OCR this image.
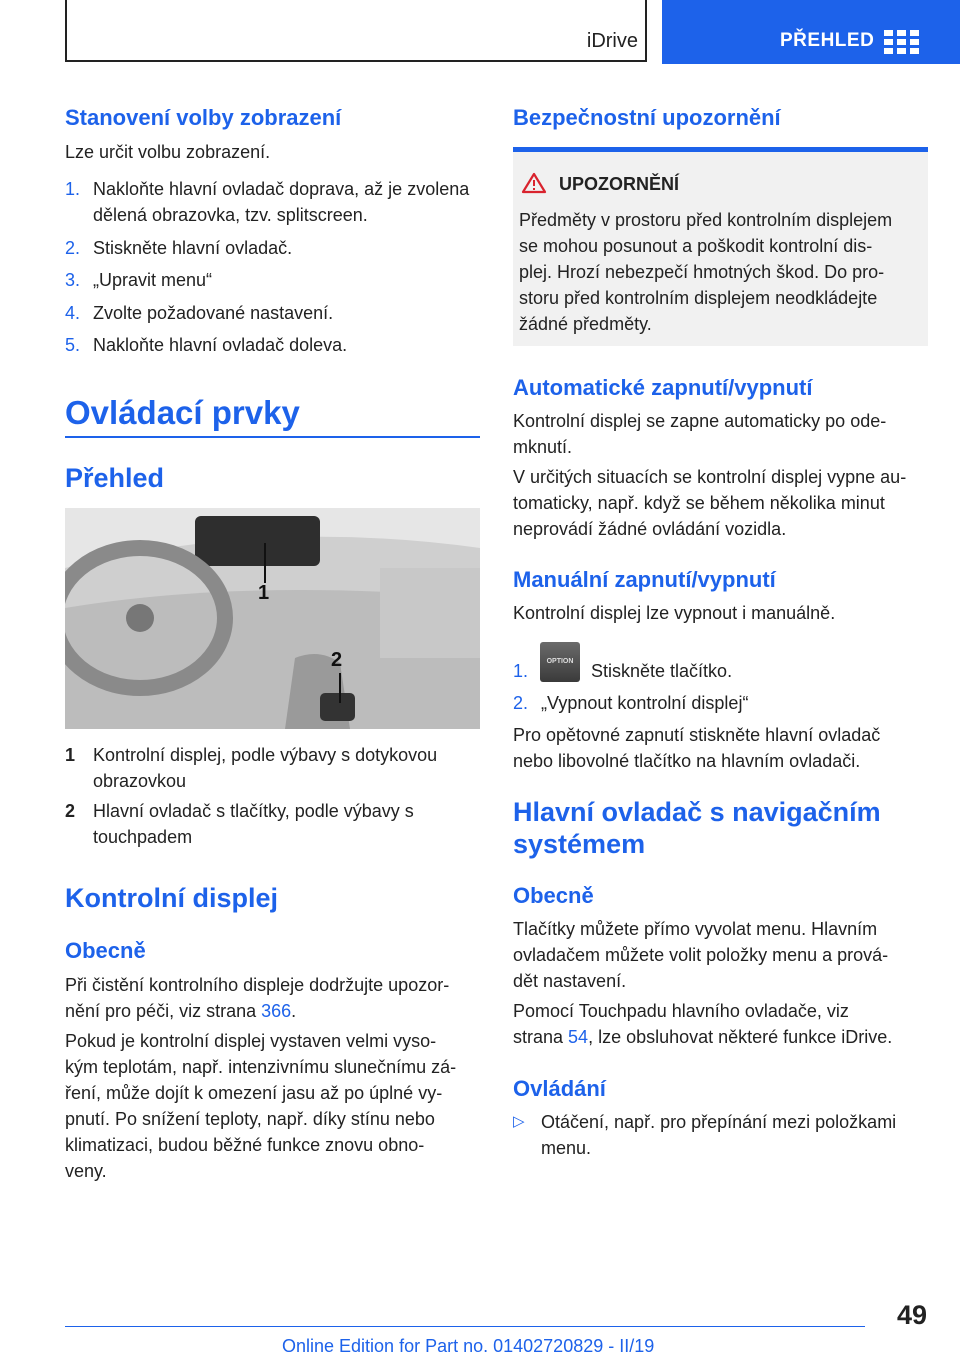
iDrive	PŘEHLED
Stanovení volby zobrazení
Lze určit volbu zobrazení.
1. Nakloňte hlavní ovladač doprava, až je zvolena
dělená obrazovka, tzv. splitscreen.
2. Stiskněte hlavní ovladač.
3. „Upravit menu“
4. Zvolte požadované nastavení.
5. Nakloňte hlavní ovladač doleva.
Ovládací prvky
Přehled
1
2
1 Kontrolní displej, podle výbavy s dotykovou
obrazovkou
2 Hlavní ovladač s tlačítky, podle výbavy s
touchpadem
Kontrolní displej
Obecně
Při čistění kontrolního displeje dodržujte upozor-
nění pro péči, viz strana 366.
Pokud je kontrolní displej vystaven velmi vyso-
kým teplotám, např. intenzivnímu slunečnímu zá-
ření, může dojít k omezení jasu až po úplné vy-
pnutí. Po snížení teploty, např. díky stínu nebo
klimatizaci, budou běžné funkce znovu obno-
veny.
Bezpečnostní upozornění
UPOZORNĚNÍ
Předměty v prostoru před kontrolním displejem
se mohou posunout a poškodit kontrolní dis-
plej. Hrozí nebezpečí hmotných škod. Do pro-
storu před kontrolním displejem neodkládejte
žádné předměty.
Automatické zapnutí/vypnutí
Kontrolní displej se zapne automaticky po ode-
mknutí.
V určitých situacích se kontrolní displej vypne au-
tomaticky, např. když se během několika minut
neprovádí žádné ovládání vozidla.
Manuální zapnutí/vypnutí
Kontrolní displej lze vypnout i manuálně.
1.	OPTION Stiskněte tlačítko.
2. „Vypnout kontrolní displej“
Pro opětovné zapnutí stiskněte hlavní ovladač
nebo libovolné tlačítko na hlavním ovladači.
Hlavní ovladač s navigačním
systémem
Obecně
Tlačítky můžete přímo vyvolat menu. Hlavním
ovladačem můžete volit položky menu a prová-
dět nastavení.
Pomocí Touchpadu hlavního ovladače, viz
strana 54, lze obsluhovat některé funkce iDrive.
Ovládání
▷ Otáčení, např. pro přepínání mezi položkami
menu.
49
Online Edition for Part no. 01402720829 - II/19
